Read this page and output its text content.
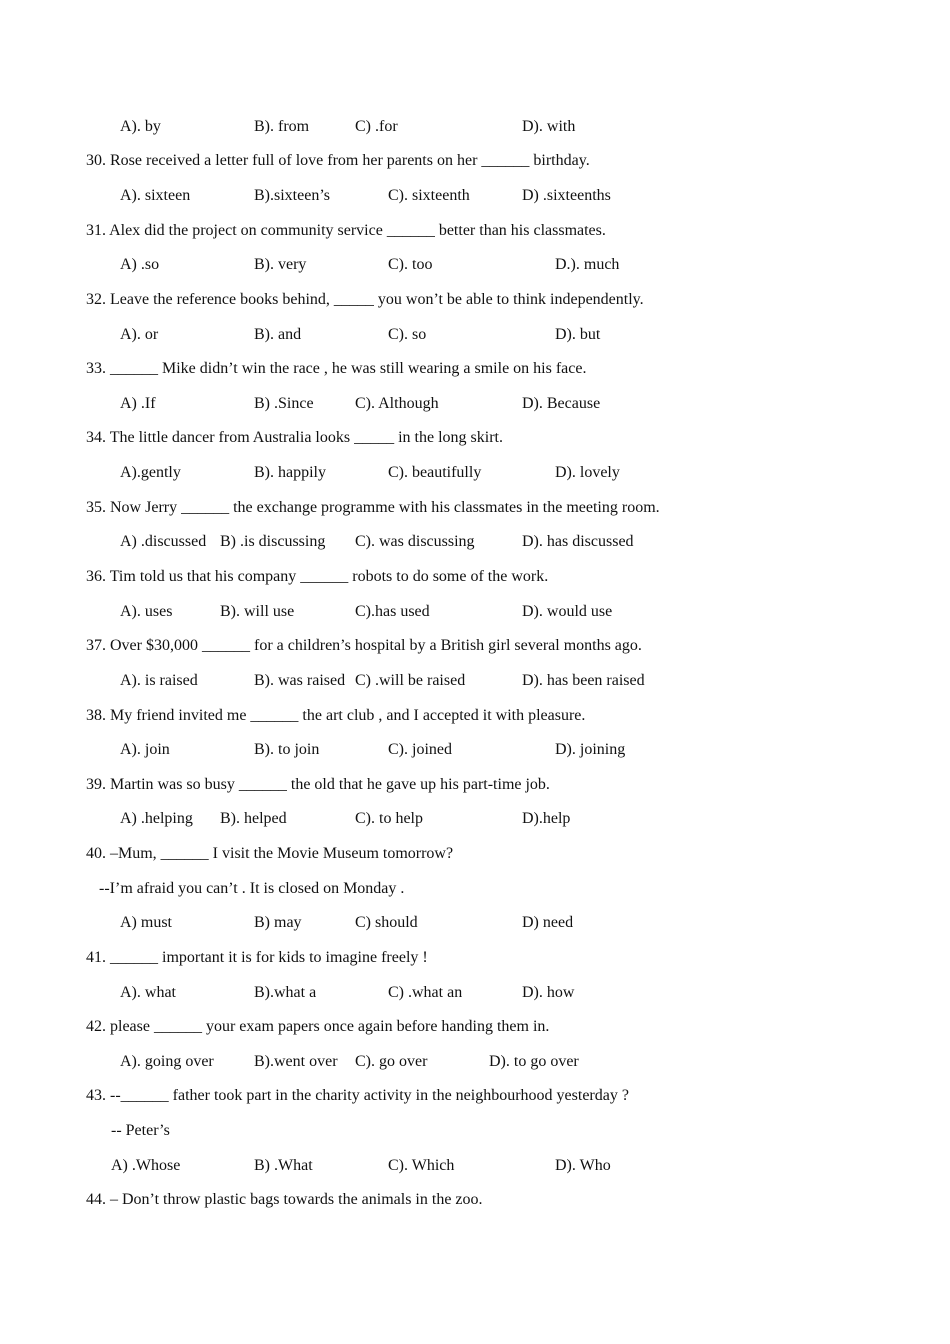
A). by	B). from	C) .for	D). with
30. Rose received a letter full of love from her parents on her ______ birthday.
A). sixteen	B).sixteen’s	C). sixteenth	D) .sixteenths
31. Alex did the project on community service ______ better than his classmates.
A) .so	B). very	C). too	D.). much
32. Leave the reference books behind, _____ you won’t be able to think independently.
A). or	B). and	C). so	D). but
33. ______ Mike didn’t win the race , he was still wearing a smile on his face.
A) .If	B) .Since	C). Although	D). Because
34. The little dancer from Australia looks _____ in the long skirt.
A).gently	B). happily	C). beautifully	D). lovely
35. Now Jerry ______ the exchange programme with his classmates in the meeting room.
A) .discussed B) .is discussing C). was discussing	D). has discussed
36. Tim told us that his company ______ robots to do some of the work.
A). uses	B). will use	C).has used	D). would use
37. Over $30,000 ______ for a children’s hospital by a British girl several months ago.
A). is raised	B). was raised C) .will be raised	D). has been raised
38. My friend invited me ______ the art club , and I accepted it with pleasure.
A). join	B). to join	C). joined	D). joining
39. Martin was so busy ______ the old that he gave up his part-time job.
A) .helping B). helped	C). to help	D).help
40. –Mum, ______ I visit the Movie Museum tomorrow?
--I’m afraid you can’t . It is closed on Monday .
A) must	B) may	C) should	D) need
41. ______ important it is for kids to imagine freely !
A). what	B).what a	C) .what an	D). how
42. please ______ your exam papers once again before handing them in.
A). going over	B).went over C). go over	D). to go over
43. --______ father took part in the charity activity in the neighbourhood yesterday ?
-- Peter’s
A) .Whose	B) .What	C). Which	D). Who
44. – Don’t throw plastic bags towards the animals in the zoo.
